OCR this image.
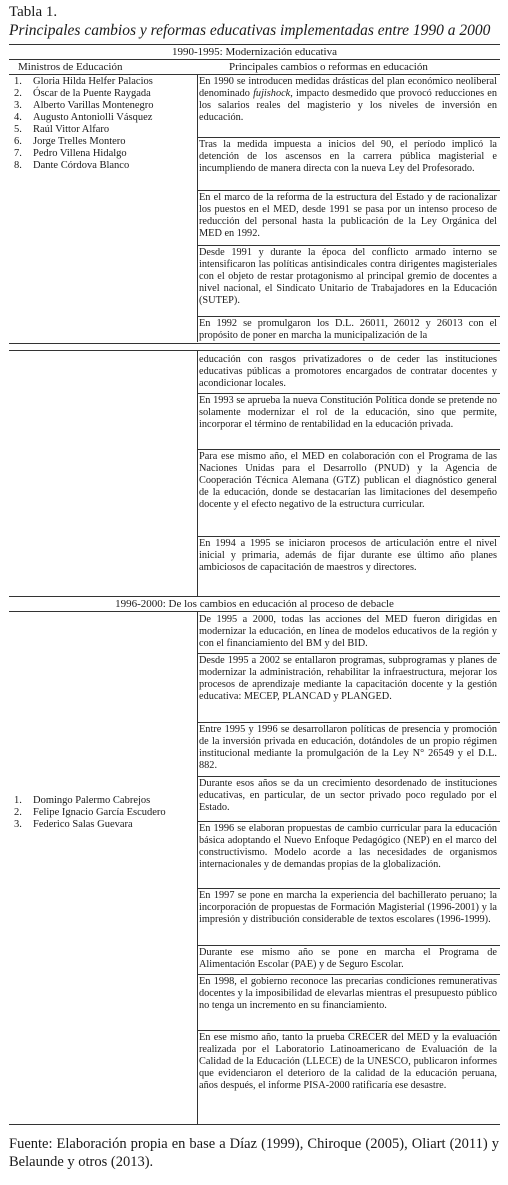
Tabla 1.
Principales cambios y reformas educativas implementadas entre 1990 a 2000
1990-1995: Modernización educativa
Ministros de Educación	Principales cambios o reformas en educación
1. Gloria Hilda Helfer Palacios
2. Óscar de la Puente Raygada
3. Alberto Varillas Montenegro
4. Augusto Antoniolli Vásquez
5. Raúl Vittor Alfaro
6. Jorge Trelles Montero
7. Pedro Villena Hidalgo
8. Dante Córdova Blanco
En 1990 se introducen medidas drásticas del plan económico neoliberal denominado fujishock, impacto desmedido que provocó reducciones en los salarios reales del magisterio y los niveles de inversión en educación.
Tras la medida impuesta a inicios del 90, el período implicó la detención de los ascensos en la carrera pública magisterial e incumpliendo de manera directa con la nueva Ley del Profesorado.
En el marco de la reforma de la estructura del Estado y de racionalizar los puestos en el MED, desde 1991 se pasa por un intenso proceso de reducción del personal hasta la publicación de la Ley Orgánica del MED en 1992.
Desde 1991 y durante la época del conflicto armado interno se intensificaron las políticas antisindicales contra dirigentes magisteriales con el objeto de restar protagonismo al principal gremio de docentes a nivel nacional, el Sindicato Unitario de Trabajadores en la Educación (SUTEP).
En 1992 se promulgaron los D.L. 26011, 26012 y 26013 con el propósito de poner en marcha la municipalización de la
educación con rasgos privatizadores o de ceder las instituciones educativas públicas a promotores encargados de contratar docentes y acondicionar locales.
En 1993 se aprueba la nueva Constitución Política donde se pretende no solamente modernizar el rol de la educación, sino que permite, incorporar el término de rentabilidad en la educación privada.
Para ese mismo año, el MED en colaboración con el Programa de las Naciones Unidas para el Desarrollo (PNUD) y la Agencia de Cooperación Técnica Alemana (GTZ) publican el diagnóstico general de la educación, donde se destacarían las limitaciones del desempeño docente y el efecto negativo de la estructura curricular.
En 1994 a 1995 se iniciaron procesos de articulación entre el nivel inicial y primaria, además de fijar durante ese último año planes ambiciosos de capacitación de maestros y directores.
1996-2000: De los cambios en educación al proceso de debacle
1. Domingo Palermo Cabrejos
2. Felipe Ignacio García Escudero
3. Federico Salas Guevara
De 1995 a 2000, todas las acciones del MED fueron dirigidas en modernizar la educación, en línea de modelos educativos de la región y con el financiamiento del BM y del BID.
Desde 1995 a 2002 se entallaron programas, subprogramas y planes de modernizar la administración, rehabilitar la infraestructura, mejorar los procesos de aprendizaje mediante la capacitación docente y la gestión educativa: MECEP, PLANCAD y PLANGED.
Entre 1995 y 1996 se desarrollaron políticas de presencia y promoción de la inversión privada en educación, dotándoles de un propio régimen institucional mediante la promulgación de la Ley N° 26549 y el D.L. 882.
Durante esos años se da un crecimiento desordenado de instituciones educativas, en particular, de un sector privado poco regulado por el Estado.
En 1996 se elaboran propuestas de cambio curricular para la educación básica adoptando el Nuevo Enfoque Pedagógico (NEP) en el marco del constructivismo. Modelo acorde a las necesidades de organismos internacionales y de demandas propias de la globalización.
En 1997 se pone en marcha la experiencia del bachillerato peruano; la incorporación de propuestas de Formación Magisterial (1996-2001) y la impresión y distribución considerable de textos escolares (1996-1999).
Durante ese mismo año se pone en marcha el Programa de Alimentación Escolar (PAE) y de Seguro Escolar.
En 1998, el gobierno reconoce las precarias condiciones remunerativas docentes y la imposibilidad de elevarlas mientras el presupuesto público no tenga un incremento en su financiamiento.
En ese mismo año, tanto la prueba CRECER del MED y la evaluación realizada por el Laboratorio Latinoamericano de Evaluación de la Calidad de la Educación (LLECE) de la UNESCO, publicaron informes que evidenciaron el deterioro de la calidad de la educación peruana, años después, el informe PISA-2000 ratificaría ese desastre.
Fuente: Elaboración propia en base a Díaz (1999), Chiroque (2005), Oliart (2011) y Belaunde y otros (2013).
